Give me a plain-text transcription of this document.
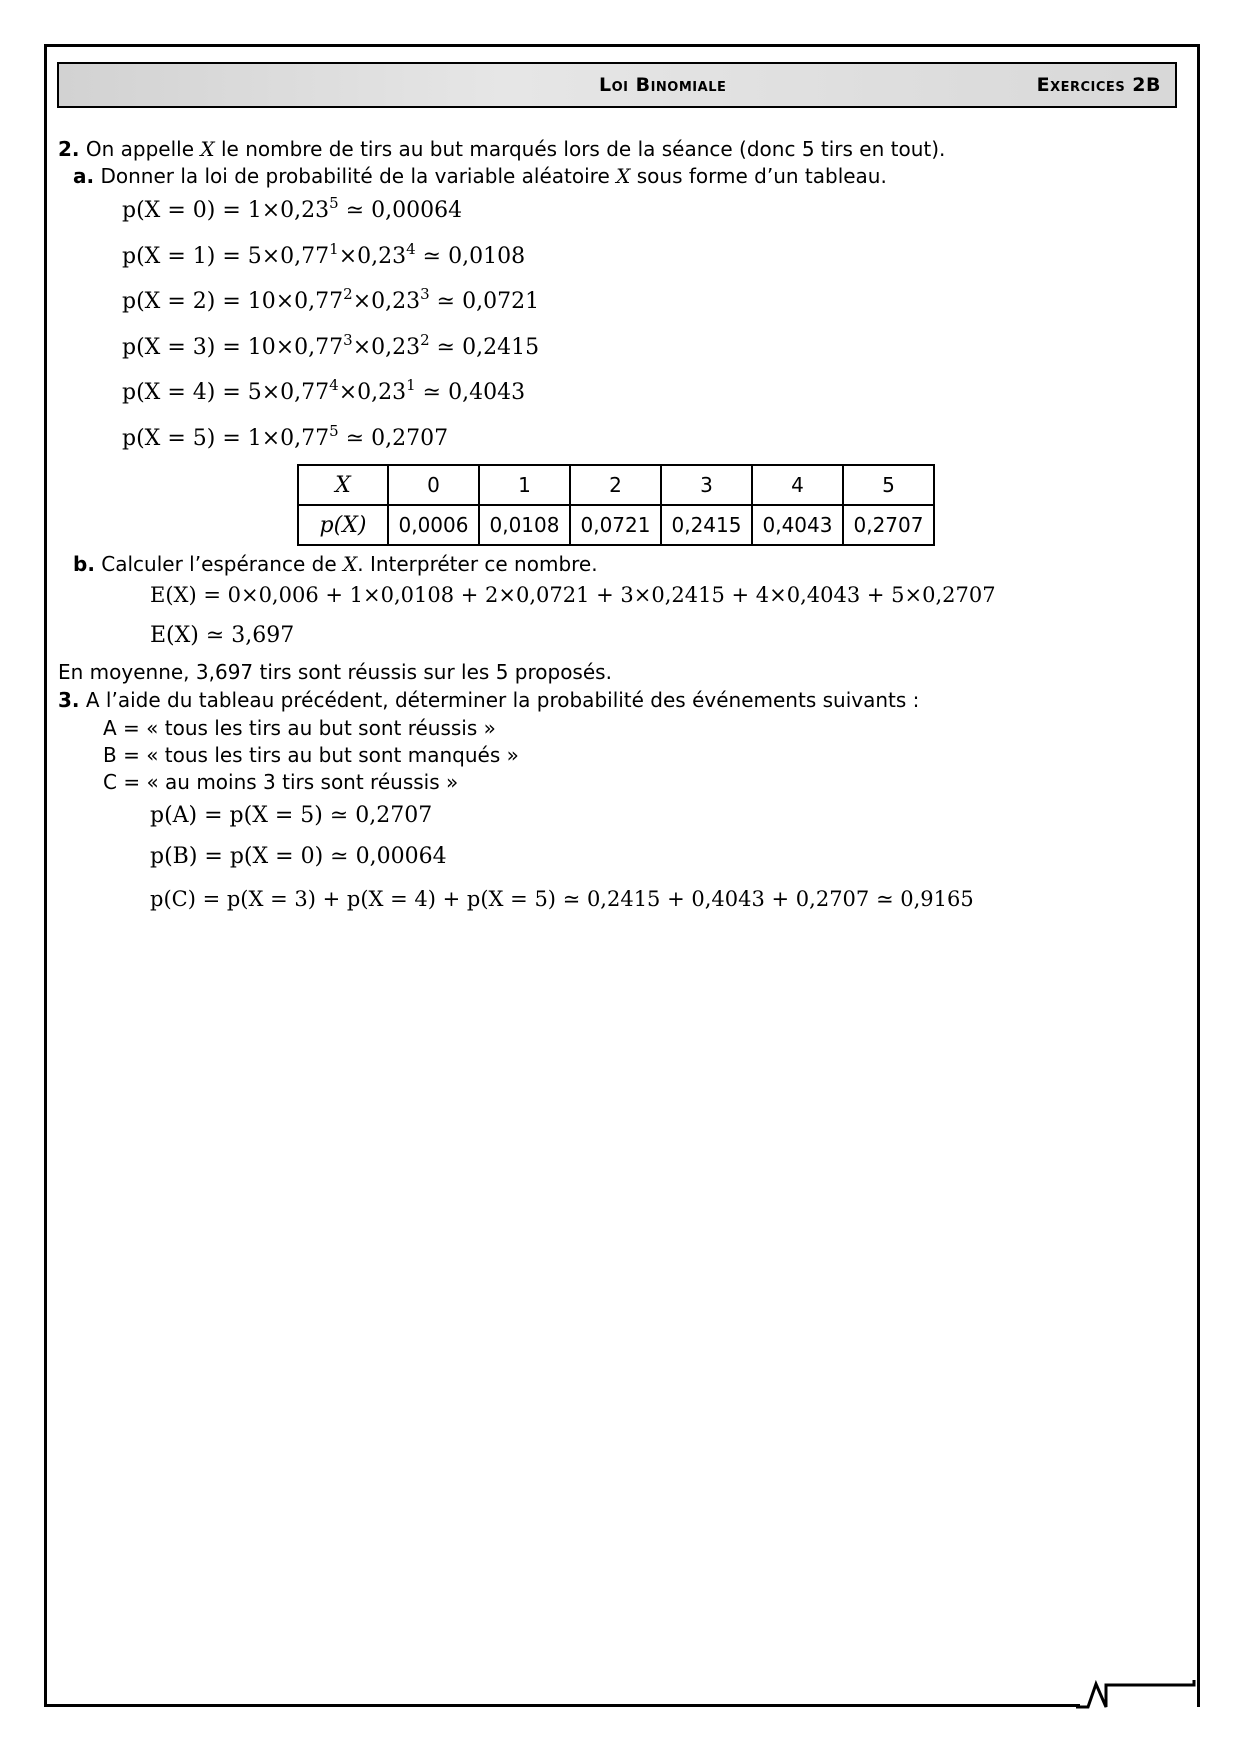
Loi Binomiale	Exercices 2B
2. On appelle X le nombre de tirs au but marqués lors de la séance (donc 5 tirs en tout).
a. Donner la loi de probabilité de la variable aléatoire X sous forme d’un tableau.
$p(X = 0) = 1\times 0,23^5$ ≃ 0,00064
$p(X = 1) = 5\times 0,77^1\times 0,23^4$ ≃ 0,0108
$p(X = 2) = 10\times 0,77^2\times 0,23^3$ ≃ 0,0721
$p(X = 3) = 10\times 0,77^3\times 0,23^2$ ≃ 0,2415
$p(X = 4) = 5\times 0,77^4\times 0,23^1$ ≃ 0,4043
$p(X = 5) = 1\times 0,77^5$ ≃ 0,2707
X	0	1	2	3	4	5
p(X)	0,0006	0,0108	0,0721	0,2415	0,4043	0,2707
b. Calculer l’espérance de X. Interpréter ce nombre.
E(X) = 0×0,006 + 1×0,0108 + 2×0,0721 + 3×0,2415 + 4×0,4043 + 5×0,2707
E(X) ≃ 3,697
En moyenne, 3,697 tirs sont réussis sur les 5 proposés.
3. A l’aide du tableau précédent, déterminer la probabilité des événements suivants :
A = « tous les tirs au but sont réussis »
B = « tous les tirs au but sont manqués »
C = « au moins 3 tirs sont réussis »
p(A) = p(X = 5) ≃ 0,2707
p(B) = p(X = 0) ≃ 0,00064
p(C) = p(X = 3) + p(X = 4) + p(X = 5) ≃ 0,2415 + 0,4043 + 0,2707 ≃ 0,9165
